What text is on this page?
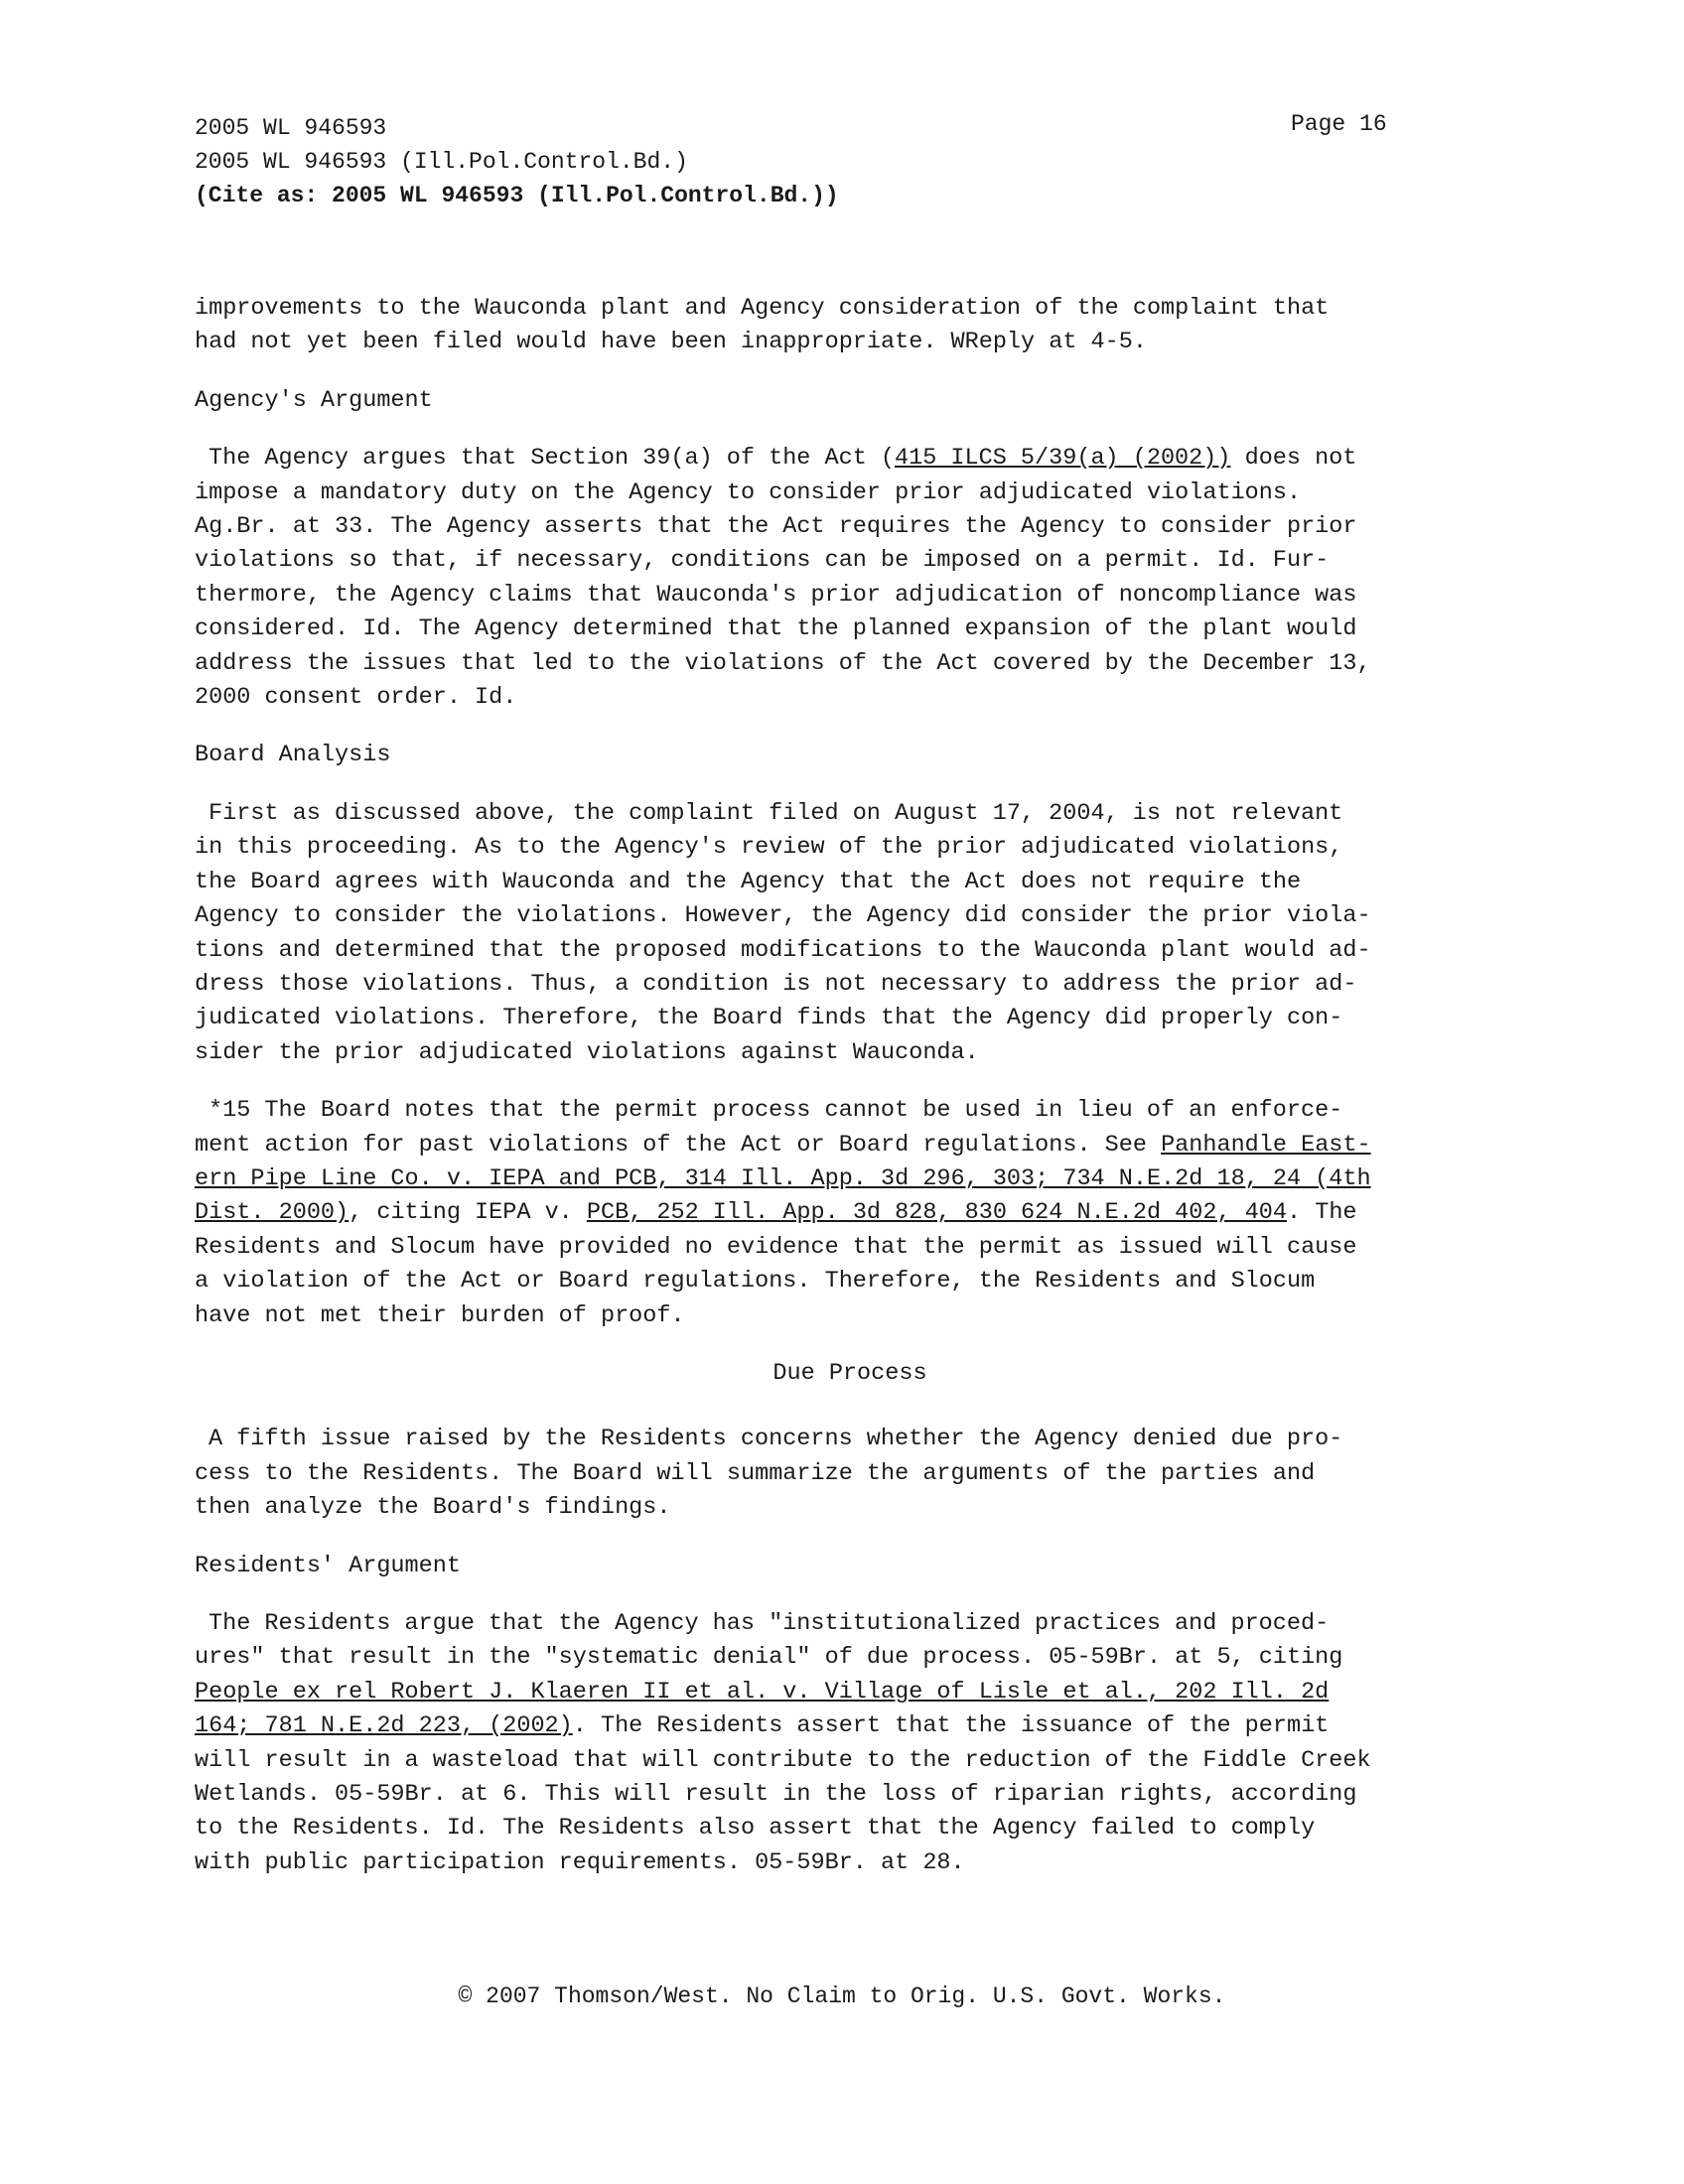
2005 WL 946593
2005 WL 946593 (Ill.Pol.Control.Bd.)
(Cite as: 2005 WL 946593 (Ill.Pol.Control.Bd.))
Page 16
improvements to the Wauconda plant and Agency consideration of the complaint that
had not yet been filed would have been inappropriate. WReply at 4-5.
Agency's Argument
The Agency argues that Section 39(a) of the Act (415 ILCS 5/39(a) (2002)) does not
impose a mandatory duty on the Agency to consider prior adjudicated violations.
Ag.Br. at 33. The Agency asserts that the Act requires the Agency to consider prior
violations so that, if necessary, conditions can be imposed on a permit. Id. Fur-
thermore, the Agency claims that Wauconda's prior adjudication of noncompliance was
considered. Id. The Agency determined that the planned expansion of the plant would
address the issues that led to the violations of the Act covered by the December 13,
2000 consent order. Id.
Board Analysis
First as discussed above, the complaint filed on August 17, 2004, is not relevant
in this proceeding. As to the Agency's review of the prior adjudicated violations,
the Board agrees with Wauconda and the Agency that the Act does not require the
Agency to consider the violations. However, the Agency did consider the prior viola-
tions and determined that the proposed modifications to the Wauconda plant would ad-
dress those violations. Thus, a condition is not necessary to address the prior ad-
judicated violations. Therefore, the Board finds that the Agency did properly con-
sider the prior adjudicated violations against Wauconda.
*15 The Board notes that the permit process cannot be used in lieu of an enforce-
ment action for past violations of the Act or Board regulations. See Panhandle East-
ern Pipe Line Co. v. IEPA and PCB, 314 Ill. App. 3d 296, 303; 734 N.E.2d 18, 24 (4th
Dist. 2000), citing IEPA v. PCB, 252 Ill. App. 3d 828, 830 624 N.E.2d 402, 404. The
Residents and Slocum have provided no evidence that the permit as issued will cause
a violation of the Act or Board regulations. Therefore, the Residents and Slocum
have not met their burden of proof.
Due Process
A fifth issue raised by the Residents concerns whether the Agency denied due pro-
cess to the Residents. The Board will summarize the arguments of the parties and
then analyze the Board's findings.
Residents' Argument
The Residents argue that the Agency has "institutionalized practices and proced-
ures" that result in the "systematic denial" of due process. 05-59Br. at 5, citing
People ex rel Robert J. Klaeren II et al. v. Village of Lisle et al., 202 Ill. 2d
164; 781 N.E.2d 223, (2002). The Residents assert that the issuance of the permit
will result in a wasteload that will contribute to the reduction of the Fiddle Creek
Wetlands. 05-59Br. at 6. This will result in the loss of riparian rights, according
to the Residents. Id. The Residents also assert that the Agency failed to comply
with public participation requirements. 05-59Br. at 28.
© 2007 Thomson/West. No Claim to Orig. U.S. Govt. Works.
